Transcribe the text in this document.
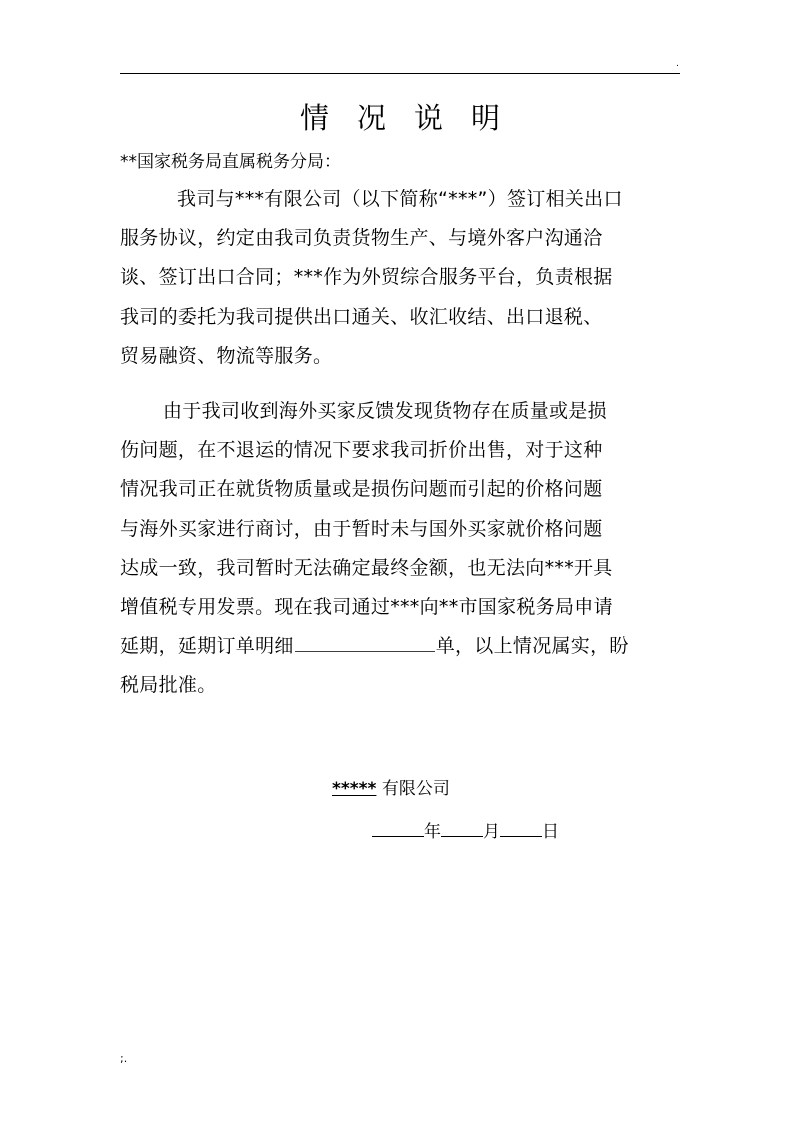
.
情 况 说 明
**国家税务局直属税务分局：
我司与***有限公司（以下简称“***”）签订相关出口
服务协议，约定由我司负责货物生产、与境外客户沟通洽
谈、签订出口合同；***作为外贸综合服务平台，负责根据
我司的委托为我司提供出口通关、收汇收结、出口退税、
贸易融资、物流等服务。
由于我司收到海外买家反馈发现货物存在质量或是损
伤问题，在不退运的情况下要求我司折价出售，对于这种
情况我司正在就货物质量或是损伤问题而引起的价格问题
与海外买家进行商讨，由于暂时未与国外买家就价格问题
达成一致，我司暂时无法确定最终金额，也无法向***开具
增值税专用发票。现在我司通过***向**市国家税务局申请
延期，延期订单明细	单，以上情况属实，盼
税局批准。
***** 有限公司
年 月 日
;.
